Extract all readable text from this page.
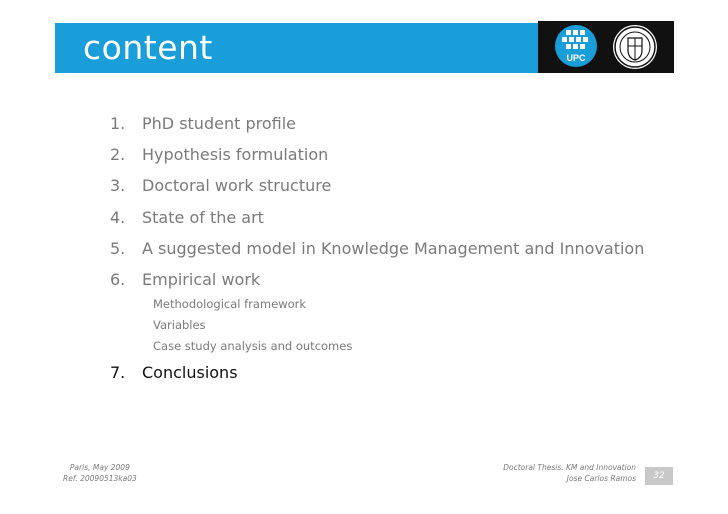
content	UPC
1. PhD student profile
2. Hypothesis formulation
3. Doctoral work structure
4. State of the art
5. A suggested model in Knowledge Management and Innovation
6. Empirical work
Methodological framework
Variables
Case study analysis and outcomes
7. Conclusions
Paris, May 2009
Ref. 20090513ka03
Doctoral Thesis. KM and Innovation
Jose Carlos Ramos	32
